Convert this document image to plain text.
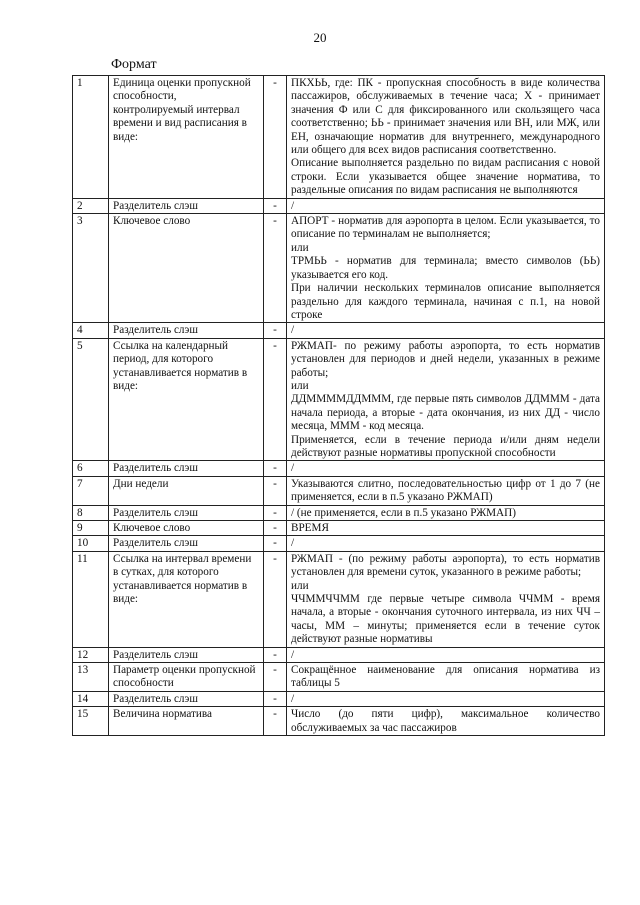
20
Формат
1	Единица оценки пропускной способности, контролируемый интервал времени и вид расписания в виде:	-	ПКХЬЬ, где: ПК - пропускная способность в виде количества пассажиров, обслуживаемых в течение часа; Х - принимает значения Ф или С для фиксированного или скользящего часа соответственно; ЬЬ - принимает значения или ВН, или МЖ, или ЕН, означающие норматив для внутреннего, международного или общего для всех видов расписания соответственно.
Описание выполняется раздельно по видам расписания с новой строки. Если указывается общее значение норматива, то раздельные описания по видам расписания не выполняются

2	Разделитель слэш	-	/

3	Ключевое слово	-	АПОРТ - норматив для аэропорта в целом. Если указывается, то описание по терминалам не выполняется;
или
ТРМЬЬ - норматив для терминала; вместо символов (ЬЬ) указывается его код.
При наличии нескольких терминалов описание выполняется раздельно для каждого терминала, начиная с п.1, на новой строке

4	Разделитель слэш	-	/

5	Ссылка на календарный период, для которого устанавливается норматив в виде:	-	РЖМАП- по режиму работы аэропорта, то есть норматив установлен для периодов и дней недели, указанных в режиме работы;
или
ДДММММДДМММ, где первые пять символов ДДМММ - дата начала периода, а вторые - дата окончания, из них ДД - число месяца, МММ - код месяца.
Применяется, если в течение периода и/или дням недели действуют разные нормативы пропускной способности

6	Разделитель слэш	-	/

7	Дни недели	-	Указываются слитно, последовательностью цифр от 1 до 7 (не применяется, если в п.5 указано РЖМАП)

8	Разделитель слэш	-	/ (не применяется, если в п.5 указано РЖМАП)

9	Ключевое слово	-	ВРЕМЯ

10	Разделитель слэш	-	/

11	Ссылка на интервал времени в сутках, для которого устанавливается норматив в виде:	-	РЖМАП - (по режиму работы аэропорта), то есть норматив установлен для времени суток, указанного в режиме работы;
или
ЧЧММЧЧММ где первые четыре символа ЧЧММ - время начала, а вторые - окончания суточного интервала, из них ЧЧ – часы, ММ – минуты; применяется если в течение суток действуют разные нормативы

12	Разделитель слэш	-	/

13	Параметр оценки пропускной способности	-	Сокращённое наименование для описания норматива из таблицы 5

14	Разделитель слэш	-	/

15	Величина норматива	-	Число (до пяти цифр), максимальное количество обслуживаемых за час пассажиров
